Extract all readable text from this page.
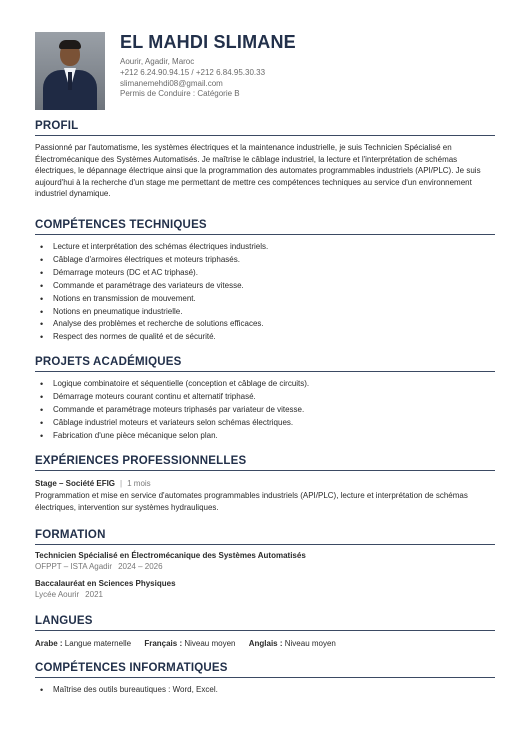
EL MAHDI SLIMANE
Aourir, Agadir, Maroc
+212 6.24.90.94.15 / +212 6.84.95.30.33
slimanemehdi08@gmail.com
Permis de Conduire : Catégorie B
PROFIL
Passionné par l'automatisme, les systèmes électriques et la maintenance industrielle, je suis Technicien Spécialisé en Électromécanique des Systèmes Automatisés. Je maîtrise le câblage industriel, la lecture et l'interprétation de schémas électriques, le dépannage électrique ainsi que la programmation des automates programmables industriels (API/PLC). Je suis aujourd'hui à la recherche d'un stage me permettant de mettre ces compétences techniques au service d'un environnement industriel dynamique.
COMPÉTENCES TECHNIQUES
• Lecture et interprétation des schémas électriques industriels.
• Câblage d'armoires électriques et moteurs triphasés.
• Démarrage moteurs (DC et AC triphasé).
• Commande et paramétrage des variateurs de vitesse.
• Notions en transmission de mouvement.
• Notions en pneumatique industrielle.
• Analyse des problèmes et recherche de solutions efficaces.
• Respect des normes de qualité et de sécurité.
PROJETS ACADÉMIQUES
• Logique combinatoire et séquentielle (conception et câblage de circuits).
• Démarrage moteurs courant continu et alternatif triphasé.
• Commande et paramétrage moteurs triphasés par variateur de vitesse.
• Câblage industriel moteurs et variateurs selon schémas électriques.
• Fabrication d'une pièce mécanique selon plan.
EXPÉRIENCES PROFESSIONNELLES
Stage – Société EFIG | 1 mois
Programmation et mise en service d'automates programmables industriels (API/PLC), lecture et interprétation de schémas électriques, intervention sur systèmes hydrauliques.
FORMATION
Technicien Spécialisé en Électromécanique des Systèmes Automatisés
OFPPT – ISTA Agadir 2024 – 2026
Baccalauréat en Sciences Physiques
Lycée Aourir 2021
LANGUES
Arabe : Langue maternelle Français : Niveau moyen Anglais : Niveau moyen
COMPÉTENCES INFORMATIQUES
• Maîtrise des outils bureautiques : Word, Excel.
